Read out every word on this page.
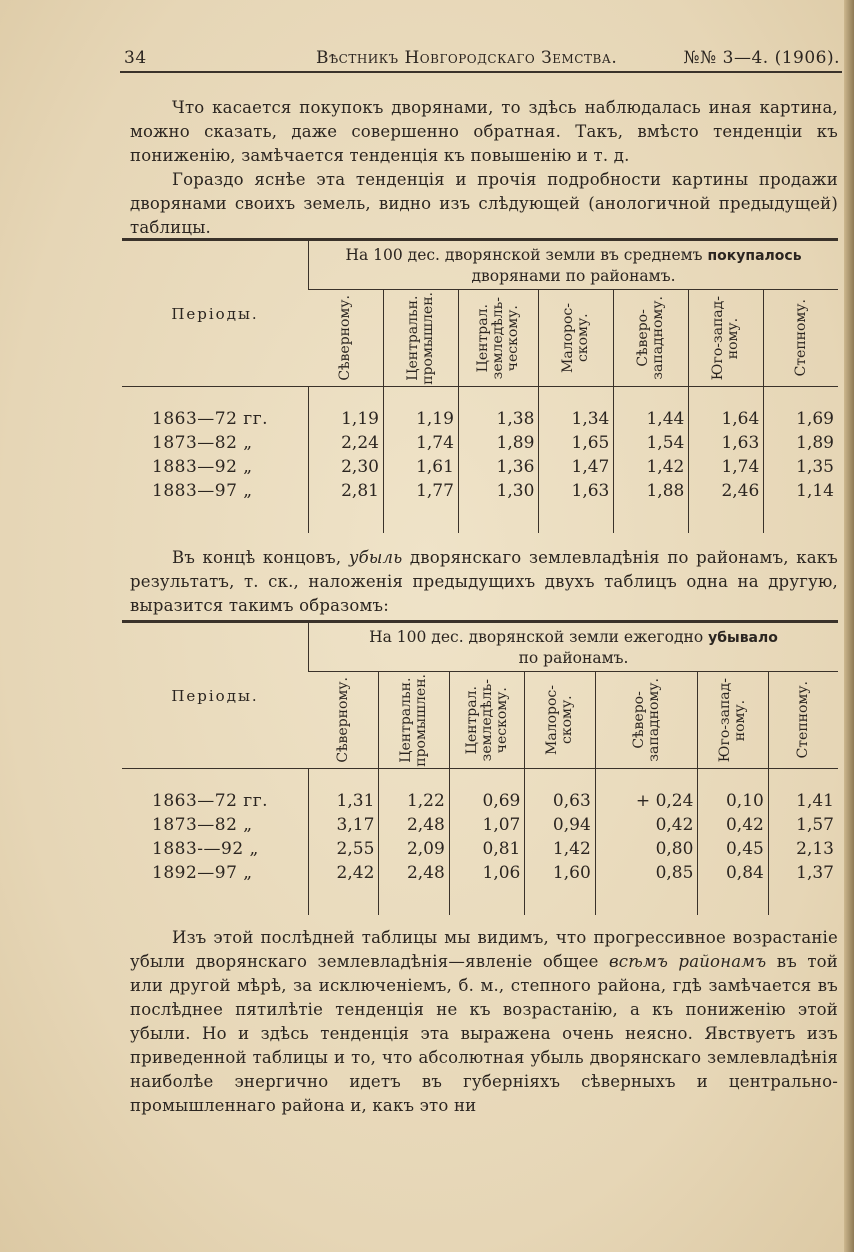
34	Вѣстникъ Новгородскаго Земства.	№№ 3—4. (1906).

Что касается покупокъ дворянами, то здѣсь наблюдалась иная картина, можно сказать, даже совершенно обратная. Такъ, вмѣсто тенденціи къ пониженію, замѣчается тенденція къ повышенію и т. д.

Гораздо яснѣе эта тенденція и прочія подробности картины продажи дворянами своихъ земель, видно изъ слѣдующей (анологичной предыдущей) таблицы.

Періоды.	На 100 дес. дворянской земли въ среднемъ покупалось
дворянами по районамъ.						

	Сѣверному.	Центральн.
промышлен.	Централ.
земледѣль-
ческому.	Малорос-
скому.	Сѣверо-
западному.	Юго-запад-
ному.	Степному.

1863—72 гг.	1,19	1,19	1,38	1,34	1,44	1,64	1,69
1873—82 „	2,24	1,74	1,89	1,65	1,54	1,63	1,89
1883—92 „	2,30	1,61	1,36	1,47	1,42	1,74	1,35
1883—97 „	2,81	1,77	1,30	1,63	1,88	2,46	1,14

Въ концѣ концовъ, убыль дворянскаго землевладѣнія по районамъ, какъ результатъ, т. ск., наложенія предыдущихъ двухъ таблицъ одна на другую, выразится такимъ образомъ:

Періоды.	На 100 дес. дворянской земли ежегодно убывало
по районамъ.						

	Сѣверному.	Центральн.
промышлен.	Централ.
земледѣль-
ческому.	Малорос-
скому.	Сѣверо-
западному.	Юго-запад-
ному.	Степному.

1863—72 гг.	1,31	1,22	0,69	0,63	+ 0,24	0,10	1,41
1873—82 „	3,17	2,48	1,07	0,94	0,42	0,42	1,57
1883-—92 „	2,55	2,09	0,81	1,42	0,80	0,45	2,13
1892—97 „	2,42	2,48	1,06	1,60	0,85	0,84	1,37

Изъ этой послѣдней таблицы мы видимъ, что прогрессивное возрастаніе убыли дворянскаго землевладѣнія—явленіе общее всѣмъ районамъ въ той или другой мѣрѣ, за исключеніемъ, б. м., степного района, гдѣ замѣчается въ послѣднее пятилѣтіе тенденція не къ возрастанію, а къ пониженію этой убыли. Но и здѣсь тенденція эта выражена очень неясно. Явствуетъ изъ приведенной таблицы и то, что абсолютная убыль дворянскаго землевладѣнія наиболѣе энергично идетъ въ губерніяхъ сѣверныхъ и центрально-промышленнаго района и, какъ это ни
